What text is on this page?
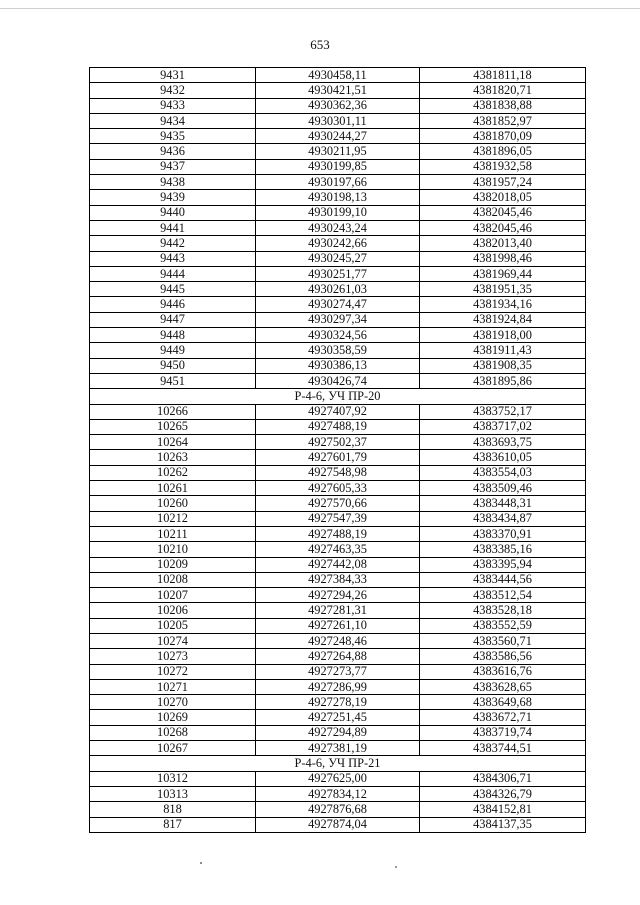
653
9431	4930458,11	4381811,18
9432	4930421,51	4381820,71
9433	4930362,36	4381838,88
9434	4930301,11	4381852,97
9435	4930244,27	4381870,09
9436	4930211,95	4381896,05
9437	4930199,85	4381932,58
9438	4930197,66	4381957,24
9439	4930198,13	4382018,05
9440	4930199,10	4382045,46
9441	4930243,24	4382045,46
9442	4930242,66	4382013,40
9443	4930245,27	4381998,46
9444	4930251,77	4381969,44
9445	4930261,03	4381951,35
9446	4930274,47	4381934,16
9447	4930297,34	4381924,84
9448	4930324,56	4381918,00
9449	4930358,59	4381911,43
9450	4930386,13	4381908,35
9451	4930426,74	4381895,86
Р-4-6, УЧ ПР-20		
10266	4927407,92	4383752,17
10265	4927488,19	4383717,02
10264	4927502,37	4383693,75
10263	4927601,79	4383610,05
10262	4927548,98	4383554,03
10261	4927605,33	4383509,46
10260	4927570,66	4383448,31
10212	4927547,39	4383434,87
10211	4927488,19	4383370,91
10210	4927463,35	4383385,16
10209	4927442,08	4383395,94
10208	4927384,33	4383444,56
10207	4927294,26	4383512,54
10206	4927281,31	4383528,18
10205	4927261,10	4383552,59
10274	4927248,46	4383560,71
10273	4927264,88	4383586,56
10272	4927273,77	4383616,76
10271	4927286,99	4383628,65
10270	4927278,19	4383649,68
10269	4927251,45	4383672,71
10268	4927294,89	4383719,74
10267	4927381,19	4383744,51
Р-4-6, УЧ ПР-21		
10312	4927625,00	4384306,71
10313	4927834,12	4384326,79
818	4927876,68	4384152,81
817	4927874,04	4384137,35
